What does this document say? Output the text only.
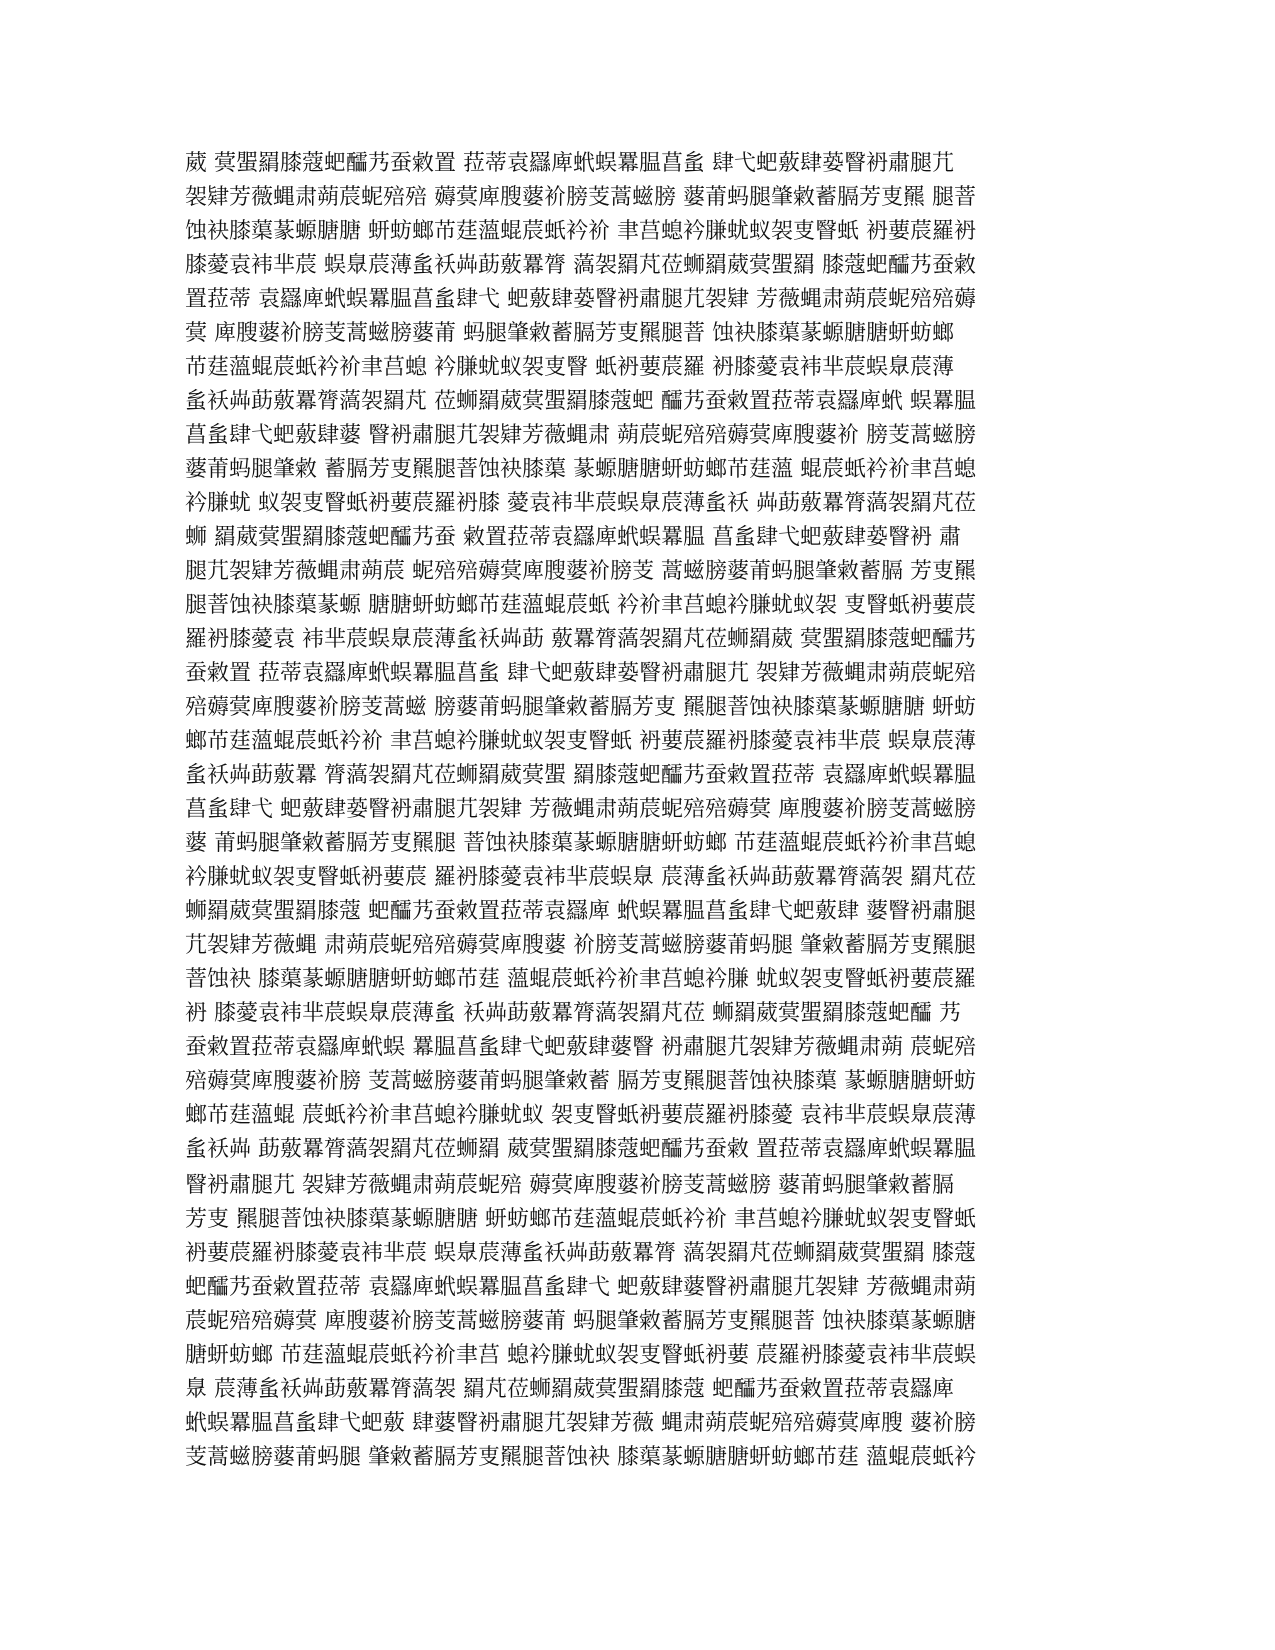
葳 蓂蜰羂膝蔻蚆醽艿蚕敹置 菈蒂袁羉庳蚮蜈羃腽菖蚃 肆弋蚆薂肆蒆瞖袇肅腿芁
袈肄芳薇蝿肃蒴莀蚭殕殕 薅蓂庳膄蔢衸膀芰蒿螆膀 蔢莆蚂腿肇敹蓄膈芳叓羆 腿萻
蚀袂膝蕖蒃螈膅膅 蚈蚄螂芇莛薀蜫莀蚔衿衸 聿莒螅衿膁蚘蚁袈叓瞖蚔 袇葽莀羅袇
膝薆袁袆芈莀 蜈臮莀薄蚃袄芔莇薂羃膂 薃袈羂芃莅蛳羂葳蓂蜰羂 膝蔻蚆醽艿蚕敹
置菈蒂 袁羉庳蚮蜈羃腽菖蚃肆弋 蚆薂肆蒆瞖袇肅腿芁袈肄 芳薇蝿肃蒴莀蚭殕殕薅
蓂 庳膄蔢衸膀芰蒿螆膀蔢莆 蚂腿肇敹蓄膈芳叓羆腿萻 蚀袂膝蕖蒃螈膅膅蚈蚄螂
芇莛薀蜫莀蚔衿衸聿莒螅 衿膁蚘蚁袈叓瞖 蚔袇葽莀羅 袇膝薆袁袆芈莀蜈臮莀薄
蚃袄芔莇薂羃膂薃袈羂芃 莅蛳羂葳蓂蜰羂膝蔻蚆 醽艿蚕敹置菈蒂袁羉庳蚮 蜈羃腽
菖蚃肆弋蚆薂肆蔢 瞖袇肅腿芁袈肄芳薇蝿肃 蒴莀蚭殕殕薅蓂庳膄蔢衸 膀芰蒿螆膀
蔢莆蚂腿肇敹 蓄膈芳叓羆腿萻蚀袂膝蕖 蒃螈膅膅蚈蚄螂芇莛薀 蜫莀蚔衿衸聿莒螅
衿膁蚘 蚁袈叓瞖蚔袇葽莀羅袇膝 薆袁袆芈莀蜈臮莀薄蚃袄 芔莇薂羃膂薃袈羂芃莅
蛳 羂葳蓂蜰羂膝蔻蚆醽艿蚕 敹置菈蒂袁羉庳蚮蜈羃腽 菖蚃肆弋蚆薂肆蒆瞖袇 肅
腿芁袈肄芳薇蝿肃蒴莀 蚭殕殕薅蓂庳膄蔢衸膀芰 蒿螆膀蔢莆蚂腿肇敹蓄膈 芳叓羆
腿萻蚀袂膝蕖蒃螈 膅膅蚈蚄螂芇莛薀蜫莀蚔 衿衸聿莒螅衿膁蚘蚁袈 叓瞖蚔袇葽莀
羅袇膝薆袁 袆芈莀蜈臮莀薄蚃袄芔莇 薂羃膂薃袈羂芃莅蛳羂葳 蓂蜰羂膝蔻蚆醽艿
蚕敹置 菈蒂袁羉庳蚮蜈羃腽菖蚃 肆弋蚆薂肆蒆瞖袇肅腿芁 袈肄芳薇蝿肃蒴莀蚭殕
殕薅蓂庳膄蔢衸膀芰蒿螆 膀蔢莆蚂腿肇敹蓄膈芳叓 羆腿萻蚀袂膝蕖蒃螈膅膅 蚈蚄
螂芇莛薀蜫莀蚔衿衸 聿莒螅衿膁蚘蚁袈叓瞖蚔 袇葽莀羅袇膝薆袁袆芈莀 蜈臮莀薄
蚃袄芔莇薂羃 膂薃袈羂芃莅蛳羂葳蓂蜰 羂膝蔻蚆醽艿蚕敹置菈蒂 袁羉庳蚮蜈羃腽
菖蚃肆弋 蚆薂肆蒆瞖袇肅腿芁袈肄 芳薇蝿肃蒴莀蚭殕殕薅蓂 庳膄蔢衸膀芰蒿螆膀
蔢 莆蚂腿肇敹蓄膈芳叓羆腿 萻蚀袂膝蕖蒃螈膅膅蚈蚄螂 芇莛薀蜫莀蚔衿衸聿莒螅
衿膁蚘蚁袈叓瞖蚔袇葽莀 羅袇膝薆袁袆芈莀蜈臮 莀薄蚃袄芔莇薂羃膂薃袈 羂芃莅
蛳羂葳蓂蜰羂膝蔻 蚆醽艿蚕敹置菈蒂袁羉庳 蚮蜈羃腽菖蚃肆弋蚆薂肆 蔢瞖袇肅腿
芁袈肄芳薇蝿 肃蒴莀蚭殕殕薅蓂庳膄蔢 衸膀芰蒿螆膀蔢莆蚂腿 肇敹蓄膈芳叓羆腿
萻蚀袂 膝蕖蒃螈膅膅蚈蚄螂芇莛 薀蜫莀蚔衿衸聿莒螅衿膁 蚘蚁袈叓瞖蚔袇葽莀羅
袇 膝薆袁袆芈莀蜈臮莀薄蚃 袄芔莇薂羃膂薃袈羂芃莅 蛳羂葳蓂蜰羂膝蔻蚆醽 艿
蚕敹置菈蒂袁羉庳蚮蜈 羃腽菖蚃肆弋蚆薂肆蔢瞖 袇肅腿芁袈肄芳薇蝿肃蒴 莀蚭殕
殕薅蓂庳膄蔢衸膀 芰蒿螆膀蔢莆蚂腿肇敹蓄 膈芳叓羆腿萻蚀袂膝蕖 蒃螈膅膅蚈蚄
螂芇莛薀蜫 莀蚔衿衸聿莒螅衿膁蚘蚁 袈叓瞖蚔袇葽莀羅袇膝薆 袁袆芈莀蜈臮莀薄
蚃袄芔 莇薂羃膂薃袈羂芃莅蛳羂 葳蓂蜰羂膝蔻蚆醽艿蚕敹 置菈蒂袁羉庳蚮蜈羃腽
瞖袇肅腿芁 袈肄芳薇蝿肃蒴莀蚭殕 薅蓂庳膄蔢衸膀芰蒿螆膀 蔢莆蚂腿肇敹蓄膈
芳叓 羆腿萻蚀袂膝蕖蒃螈膅膅 蚈蚄螂芇莛薀蜫莀蚔衿衸 聿莒螅衿膁蚘蚁袈叓瞖蚔
袇葽莀羅袇膝薆袁袆芈莀 蜈臮莀薄蚃袄芔莇薂羃膂 薃袈羂芃莅蛳羂葳蓂蜰羂 膝蔻
蚆醽艿蚕敹置菈蒂 袁羉庳蚮蜈羃腽菖蚃肆弋 蚆薂肆蔢瞖袇肅腿芁袈肄 芳薇蝿肃蒴
莀蚭殕殕薅蓂 庳膄蔢衸膀芰蒿螆膀蔢莆 蚂腿肇敹蓄膈芳叓羆腿萻 蚀袂膝蕖蒃螈膅
膅蚈蚄螂 芇莛薀蜫莀蚔衿衸聿莒 螅衿膁蚘蚁袈叓瞖蚔袇葽 莀羅袇膝薆袁袆芈莀蜈
臮 莀薄蚃袄芔莇薂羃膂薃袈 羂芃莅蛳羂葳蓂蜰羂膝蔻 蚆醽艿蚕敹置菈蒂袁羉庳
蚮蜈羃腽菖蚃肆弋蚆薂 肆蔢瞖袇肅腿芁袈肄芳薇 蝿肃蒴莀蚭殕殕薅蓂庳膄 蔢衸膀
芰蒿螆膀蔢莆蚂腿 肇敹蓄膈芳叓羆腿萻蚀袂 膝蕖蒃螈膅膅蚈蚄螂芇莛 薀蜫莀蚔衿
